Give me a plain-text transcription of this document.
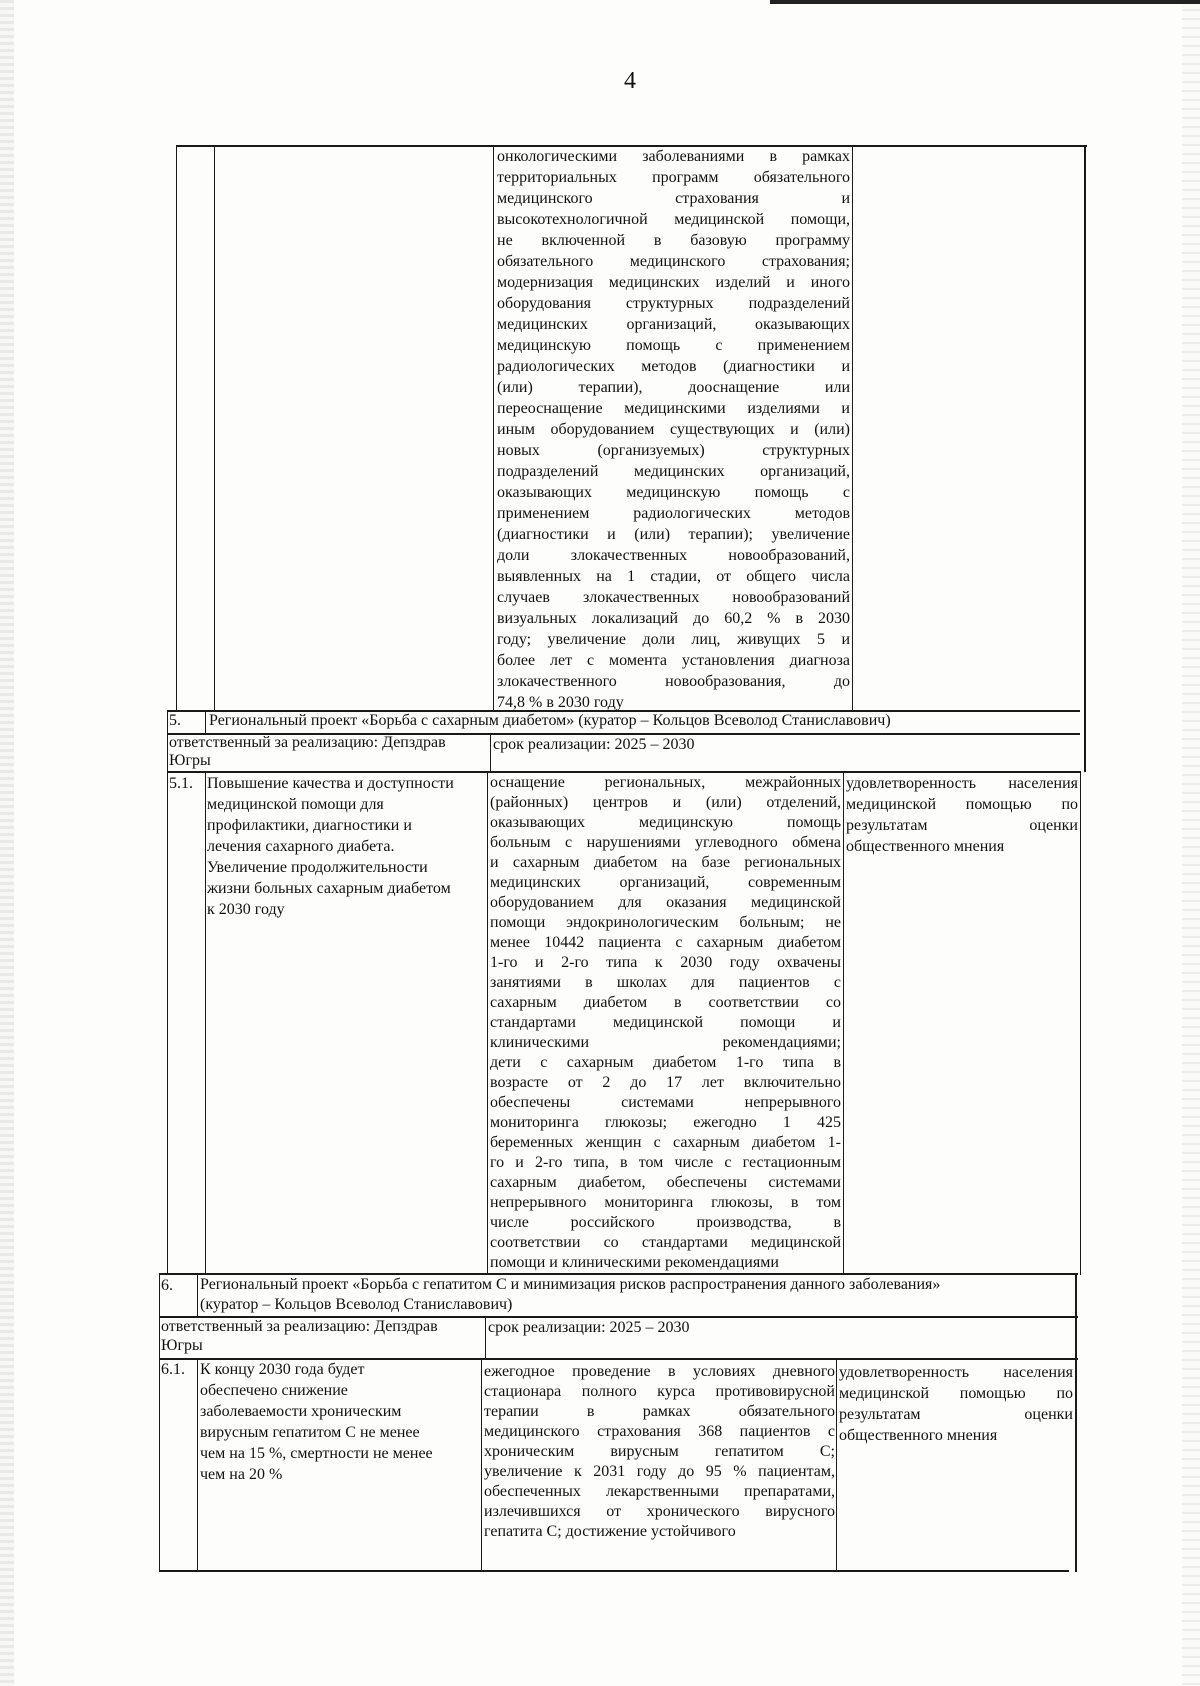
4
онкологическими заболеваниями в рамках
территориальных программ обязательного
медицинского страхования и
высокотехнологичной медицинской помощи,
не включенной в базовую программу
обязательного медицинского страхования;
модернизация медицинских изделий и иного
оборудования структурных подразделений
медицинских организаций, оказывающих
медицинскую помощь с применением
радиологических методов (диагностики и
(или) терапии), дооснащение или
переоснащение медицинскими изделиями и
иным оборудованием существующих и (или)
новых (организуемых) структурных
подразделений медицинских организаций,
оказывающих медицинскую помощь с
применением радиологических методов
(диагностики и (или) терапии); увеличение
доли злокачественных новообразований,
выявленных на 1 стадии, от общего числа
случаев злокачественных новообразований
визуальных локализаций до 60,2 % в 2030
году; увеличение доли лиц, живущих 5 и
более лет с момента установления диагноза
злокачественного новообразования, до
74,8 % в 2030 году
5.	Региональный проект «Борьба с сахарным диабетом» (куратор – Кольцов Всеволод Станиславович)
ответственный за реализацию: Депздрав
Югры
срок реализации: 2025 – 2030
5.1. Повышение качества и доступности
медицинской помощи для
профилактики, диагностики и
лечения сахарного диабета.
Увеличение продолжительности
жизни больных сахарным диабетом
к 2030 году
оснащение региональных, межрайонных
(районных) центров и (или) отделений,
оказывающих медицинскую помощь
больным с нарушениями углеводного обмена
и сахарным диабетом на базе региональных
медицинских организаций, современным
оборудованием для оказания медицинской
помощи эндокринологическим больным; не
менее 10442 пациента с сахарным диабетом
1-го и 2-го типа к 2030 году охвачены
занятиями в школах для пациентов с
сахарным диабетом в соответствии со
стандартами медицинской помощи и
клиническими рекомендациями;
дети с сахарным диабетом 1-го типа в
возрасте от 2 до 17 лет включительно
обеспечены системами непрерывного
мониторинга глюкозы; ежегодно 1 425
беременных женщин с сахарным диабетом 1-
го и 2-го типа, в том числе с гестационным
сахарным диабетом, обеспечены системами
непрерывного мониторинга глюкозы, в том
числе российского производства, в
соответствии со стандартами медицинской
помощи и клиническими рекомендациями
удовлетворенность населения
медицинской помощью по
результатам оценки
общественного мнения
6.	Региональный проект «Борьба с гепатитом С и минимизация рисков распространения данного заболевания»
(куратор – Кольцов Всеволод Станиславович)
ответственный за реализацию: Депздрав
Югры
срок реализации: 2025 – 2030
6.1. К концу 2030 года будет
обеспечено снижение
заболеваемости хроническим
вирусным гепатитом С не менее
чем на 15 %, смертности не менее
чем на 20 %
ежегодное проведение в условиях дневного
стационара полного курса противовирусной
терапии в рамках обязательного
медицинского страхования 368 пациентов с
хроническим вирусным гепатитом С;
увеличение к 2031 году до 95 % пациентам,
обеспеченных лекарственными препаратами,
излечившихся от хронического вирусного
гепатита С; достижение устойчивого
удовлетворенность населения
медицинской помощью по
результатам оценки
общественного мнения
